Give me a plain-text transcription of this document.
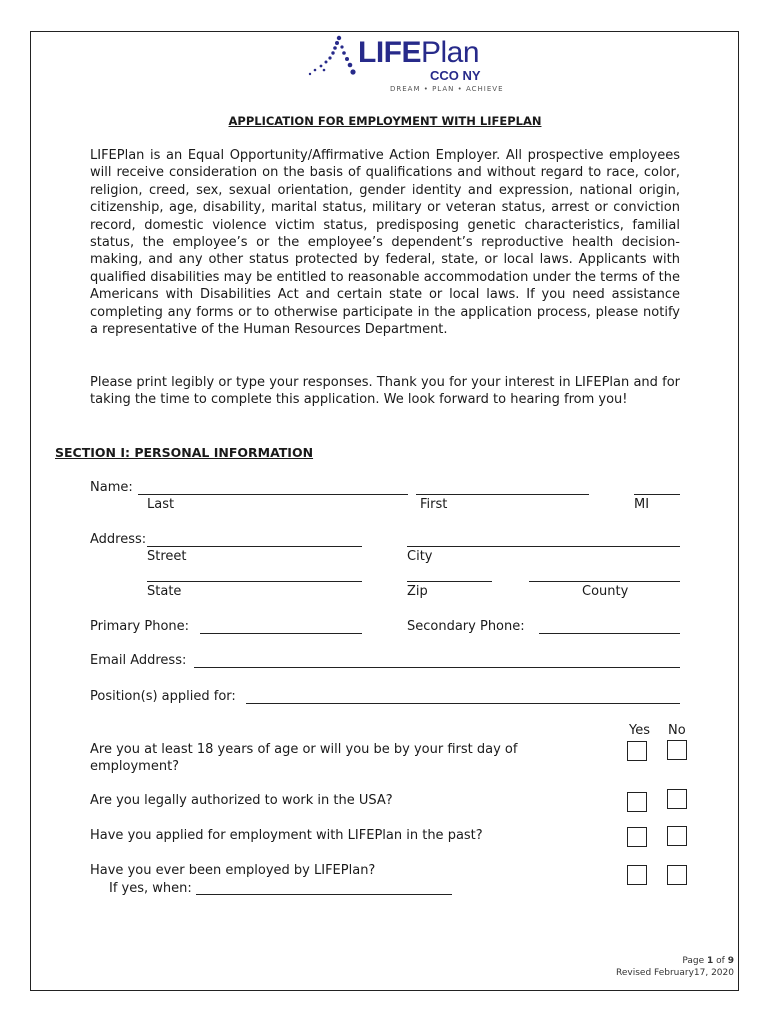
LIFEPlan
CCO NY
DREAM • PLAN • ACHIEVE
APPLICATION FOR EMPLOYMENT WITH LIFEPLAN
LIFEPlan is an Equal Opportunity/Affirmative Action Employer. All prospective employees will receive consideration on the basis of qualifications and without regard to race, color, religion, creed, sex, sexual orientation, gender identity and expression, national origin, citizenship, age, disability, marital status, military or veteran status, arrest or conviction record, domestic violence victim status, predisposing genetic characteristics, familial status, the employee’s or the employee’s dependent’s reproductive health decision-making, and any other status protected by federal, state, or local laws. Applicants with qualified disabilities may be entitled to reasonable accommodation under the terms of the Americans with Disabilities Act and certain state or local laws. If you need assistance completing any forms or to otherwise participate in the application process, please notify a representative of the Human Resources Department.
Please print legibly or type your responses. Thank you for your interest in LIFEPlan and for taking the time to complete this application. We look forward to hearing from you!
SECTION I: PERSONAL INFORMATION
Name:
Last	First	MI
Address:
Street	City
State	Zip	County
Primary Phone:	Secondary Phone:
Email Address:
Position(s) applied for:
Yes No
Are you at least 18 years of age or will you be by your first day of employment?
Are you legally authorized to work in the USA?
Have you applied for employment with LIFEPlan in the past?
Have you ever been employed by LIFEPlan?
If yes, when:
Page 1 of 9
Revised February17, 2020
